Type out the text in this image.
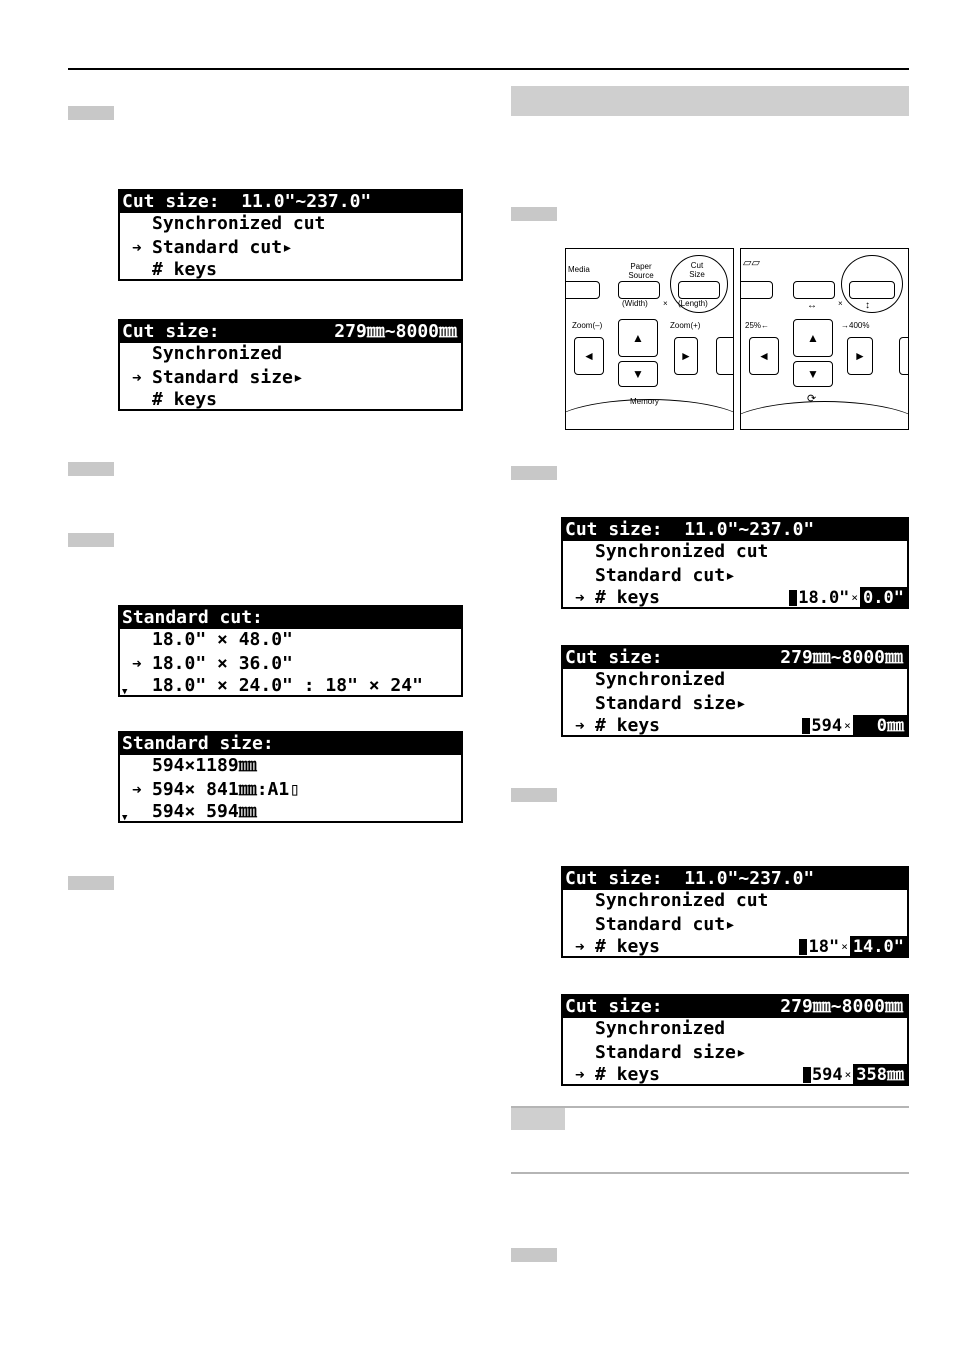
Cut size:  11.0"~237.0"
Synchronized cut
➜ Standard cut▸
# keys
Cut size:	279㎜~8000㎜
Synchronized
➜ Standard size▸
# keys
Standard cut:
18.0" × 48.0"
➜ 18.0" × 36.0"
▼ 18.0" × 24.0" : 18" × 24"
Standard size:
594×1189㎜
➜ 594× 841㎜:A1▯
▼ 594× 594㎜
Media	Paper Source
(Width) ×
Cut Size
(Length)
Zoom(–)	Zoom(+)
▲
◄	►
▼
Memory
▱▱
↔	× ↕
25%←	→400%
▲
◄	►
▼
⟳
Cut size:  11.0"~237.0"
Synchronized cut
Standard cut▸
➜ # keys

	18.0" × 0.0"

Cut size:	279㎜~8000㎜
Synchronized
Standard size▸
➜ # keys

	594 ×	0㎜

Cut size:  11.0"~237.0"
Synchronized cut
Standard cut▸
➜ # keys

	18" × 14.0"

Cut size:	279㎜~8000㎜
Synchronized
Standard size▸
➜ # keys

	594 × 358㎜
